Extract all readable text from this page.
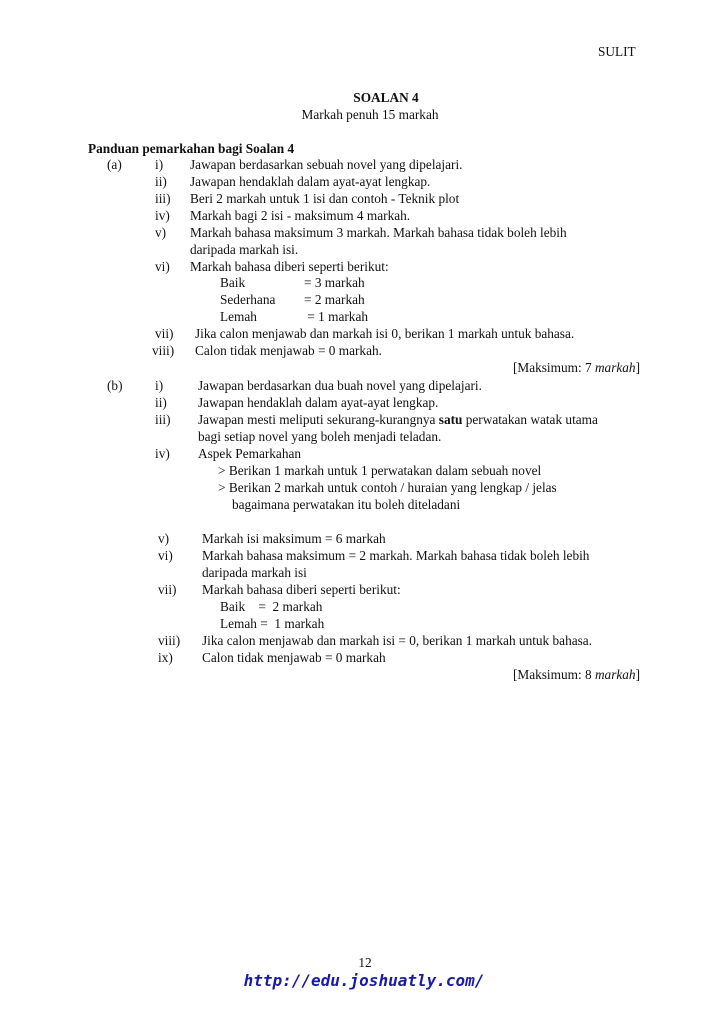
SULIT
SOALAN 4
Markah penuh 15 markah
Panduan pemarkahan bagi Soalan 4
(a) i) Jawapan berdasarkan sebuah novel yang dipelajari.
ii) Jawapan hendaklah dalam ayat-ayat lengkap.
iii) Beri 2 markah untuk 1 isi dan contoh - Teknik plot
iv) Markah bagi 2 isi - maksimum 4 markah.
v) Markah bahasa maksimum 3 markah. Markah bahasa tidak boleh lebih
daripada markah isi.
vi) Markah bahasa diberi seperti berikut:
Baik	= 3 markah
Sederhana = 2 markah
Lemah	= 1 markah
vii) Jika calon menjawab dan markah isi 0, berikan 1 markah untuk bahasa.
viii) Calon tidak menjawab = 0 markah.
[Maksimum: 7 markah]
(b) i)	Jawapan berdasarkan dua buah novel yang dipelajari.
ii) Jawapan hendaklah dalam ayat-ayat lengkap.
iii) Jawapan mesti meliputi sekurang-kurangnya satu perwatakan watak utama
bagi setiap novel yang boleh menjadi teladan.
iv) Aspek Pemarkahan
> Berikan 1 markah untuk 1 perwatakan dalam sebuah novel
> Berikan 2 markah untuk contoh / huraian yang lengkap / jelas
bagaimana perwatakan itu boleh diteladani
v) Markah isi maksimum = 6 markah
vi) Markah bahasa maksimum = 2 markah. Markah bahasa tidak boleh lebih
daripada markah isi
vii) Markah bahasa diberi seperti berikut:
Baik    =  2 markah
Lemah =  1 markah
viii) Jika calon menjawab dan markah isi = 0, berikan 1 markah untuk bahasa.
ix) Calon tidak menjawab = 0 markah
[Maksimum: 8 markah]
12
http://edu.joshuatly.com/
